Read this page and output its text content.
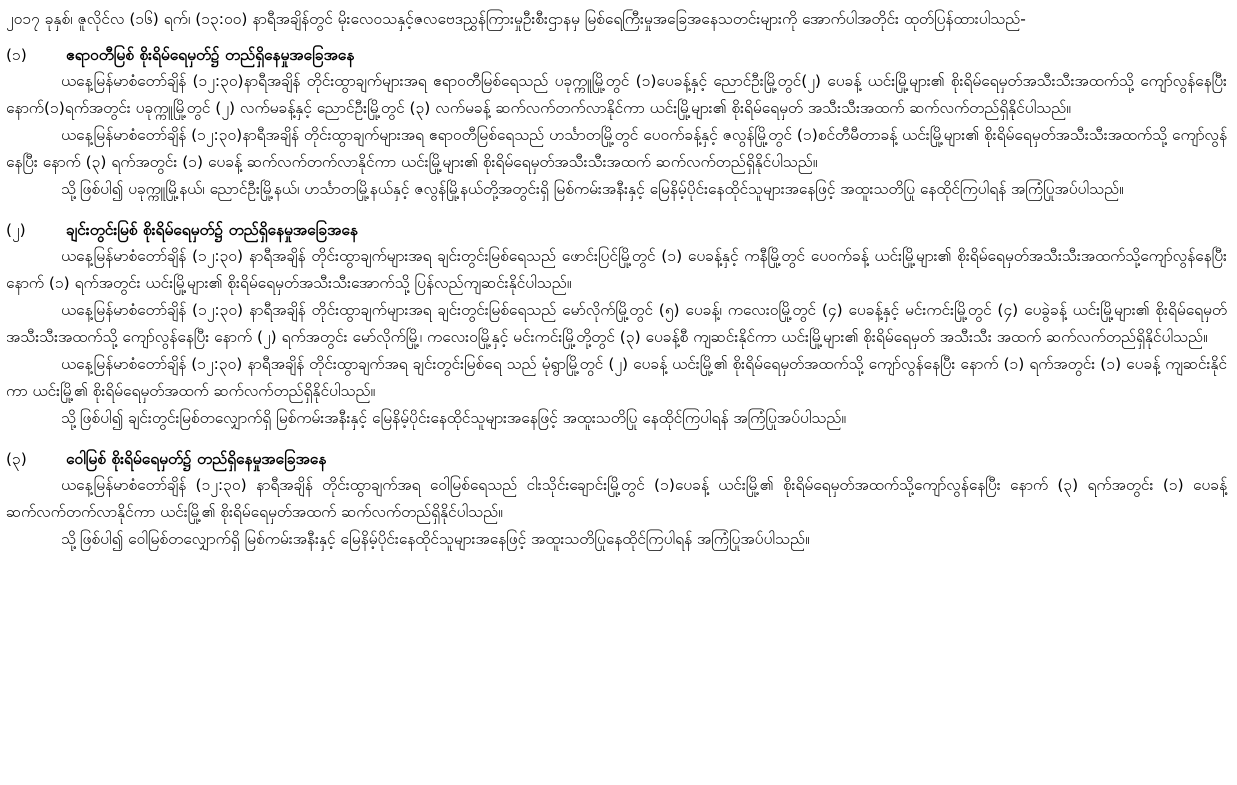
၂၀၁၇ ခုနှစ်၊ ဇူလိုင်လ (၁၆) ရက်၊ (၁၃:၀၀) နာရီအချိန်တွင် မိုးလေဝသနှင့်ဇလဗေဒညွှန်ကြားမှုဦးစီးဌာနမှ မြစ်ရေကြီးမှုအခြေအနေသတင်းများကို အောက်ပါအတိုင်း ထုတ်ပြန်ထားပါသည်-

(၁)	ဧရာဝတီမြစ် စိုးရိမ်ရေမှတ်၌ တည်ရှိနေမှုအခြေအနေ

ယနေ့မြန်မာစံတော်ချိန် (၁၂:၃၀)နာရီအချိန် တိုင်းထွာချက်များအရ ဧရာဝတီမြစ်ရေသည် ပခုက္ကူမြို့တွင် (၁)ပေခန့်နှင့် ညောင်ဦးမြို့တွင်(၂) ပေခန့် ယင်းမြို့များ၏ စိုးရိမ်ရေမှတ်အသီးသီးအထက်သို့ ကျော်လွန်နေပြီး နောက်(၁)ရက်အတွင်း ပခုက္ကူမြို့တွင် (၂) လက်မခန့်နှင့် ညောင်ဦးမြို့တွင် (၃) လက်မခန့် ဆက်လက်တက်လာနိုင်ကာ ယင်းမြို့များ၏ စိုးရိမ်ရေမှတ် အသီးသီးအထက် ဆက်လက်တည်ရှိနိုင်ပါသည်။

ယနေ့မြန်မာစံတော်ချိန် (၁၂:၃၀)နာရီအချိန် တိုင်းထွာချက်များအရ ဧရာဝတီမြစ်ရေသည် ဟင်္သာတမြို့တွင် ပေ၀က်ခန့်နှင့် ဇလွန်မြို့တွင် (၁)စင်တီမီတာခန့် ယင်းမြို့များ၏ စိုးရိမ်ရေမှတ်အသီးသီးအထက်သို့ ကျော်လွန်နေပြီး နောက် (၃) ရက်အတွင်း (၁) ပေခန့် ဆက်လက်တက်လာနိုင်ကာ ယင်းမြို့များ၏ စိုးရိမ်ရေမှတ်အသီးသီးအထက် ဆက်လက်တည်ရှိနိုင်ပါသည်။

သို့ဖြစ်ပါ၍ ပခုက္ကူမြို့နယ်၊ ညောင်ဦးမြို့နယ်၊ ဟင်္သာတမြို့နယ်နှင့် ဇလွန်မြို့နယ်တို့အတွင်းရှိ မြစ်ကမ်းအနီးနှင့် မြေနိမ့်ပိုင်းနေထိုင်သူများအနေဖြင့် အထူးသတိပြု နေထိုင်ကြပါရန် အကြံပြုအပ်ပါသည်။

(၂)	ချင်းတွင်းမြစ် စိုးရိမ်ရေမှတ်၌ တည်ရှိနေမှုအခြေအနေ

ယနေ့မြန်မာစံတော်ချိန် (၁၂:၃၀) နာရီအချိန် တိုင်းထွာချက်များအရ ချင်းတွင်းမြစ်ရေသည် ဖောင်းပြင်မြို့တွင် (၁) ပေခန့်နှင့် ကနီမြို့တွင် ပေ၀က်ခန့် ယင်းမြို့များ၏ စိုးရိမ်ရေမှတ်အသီးသီးအထက်သို့ကျော်လွန်နေပြီး နောက် (၁) ရက်အတွင်း ယင်းမြို့များ၏ စိုးရိမ်ရေမှတ်အသီးသီးအောက်သို့ ပြန်လည်ကျဆင်းနိုင်ပါသည်။

ယနေ့မြန်မာစံတော်ချိန် (၁၂:၃၀) နာရီအချိန် တိုင်းထွာချက်များအရ ချင်းတွင်းမြစ်ရေသည် မော်လိုက်မြို့တွင် (၅) ပေခန့်၊ ကလေးဝမြို့တွင် (၄) ပေခန့်နှင့် မင်းကင်းမြို့တွင် (၄) ပေခွဲခန့် ယင်းမြို့များ၏ စိုးရိမ်ရေမှတ်အသီးသီးအထက်သို့ ကျော်လွန်နေပြီး နောက် (၂) ရက်အတွင်း မော်လိုက်မြို့၊ ကလေးဝမြို့နှင့် မင်းကင်းမြို့တို့တွင် (၃) ပေခန့်စီ ကျဆင်းနိုင်ကာ ယင်းမြို့များ၏ စိုးရိမ်ရေမှတ် အသီးသီး အထက် ဆက်လက်တည်ရှိနိုင်ပါသည်။

ယနေ့မြန်မာစံတော်ချိန် (၁၂:၃၀) နာရီအချိန် တိုင်းထွာချက်အရ ချင်းတွင်းမြစ်ရေ သည် မုံရွာမြို့တွင် (၂) ပေခန့် ယင်းမြို့၏ စိုးရိမ်ရေမှတ်အထက်သို့ ကျော်လွန်နေပြီး နောက် (၁) ရက်အတွင်း (၁) ပေခန့် ကျဆင်းနိုင်ကာ ယင်းမြို့၏ စိုးရိမ်ရေမှတ်အထက် ဆက်လက်တည်ရှိနိုင်ပါသည်။

သို့ဖြစ်ပါ၍ ချင်းတွင်းမြစ်တလျှောက်ရှိ မြစ်ကမ်းအနီးနှင့် မြေနိမ့်ပိုင်းနေထိုင်သူများအနေဖြင့် အထူးသတိပြု နေထိုင်ကြပါရန် အကြံပြုအပ်ပါသည်။

(၃)	ဝေါမြစ် စိုးရိမ်ရေမှတ်၌ တည်ရှိနေမှုအခြေအနေ

ယနေ့မြန်မာစံတော်ချိန် (၁၂:၃၀) နာရီအချိန် တိုင်းထွာချက်အရ ဝေါမြစ်ရေသည် ငါးသိုင်းချောင်းမြို့တွင် (၁)ပေခန့် ယင်းမြို့၏ စိုးရိမ်ရေမှတ်အထက်သို့ကျော်လွန်နေပြီး နောက် (၃) ရက်အတွင်း (၁) ပေခန့် ဆက်လက်တက်လာနိုင်ကာ ယင်းမြို့၏ စိုးရိမ်ရေမှတ်အထက် ဆက်လက်တည်ရှိနိုင်ပါသည်။

သို့ဖြစ်ပါ၍ ဝေါမြစ်တလျှောက်ရှိ မြစ်ကမ်းအနီးနှင့် မြေနိမ့်ပိုင်းနေထိုင်သူများအနေဖြင့် အထူးသတိပြုနေထိုင်ကြပါရန် အကြံပြုအပ်ပါသည်။
